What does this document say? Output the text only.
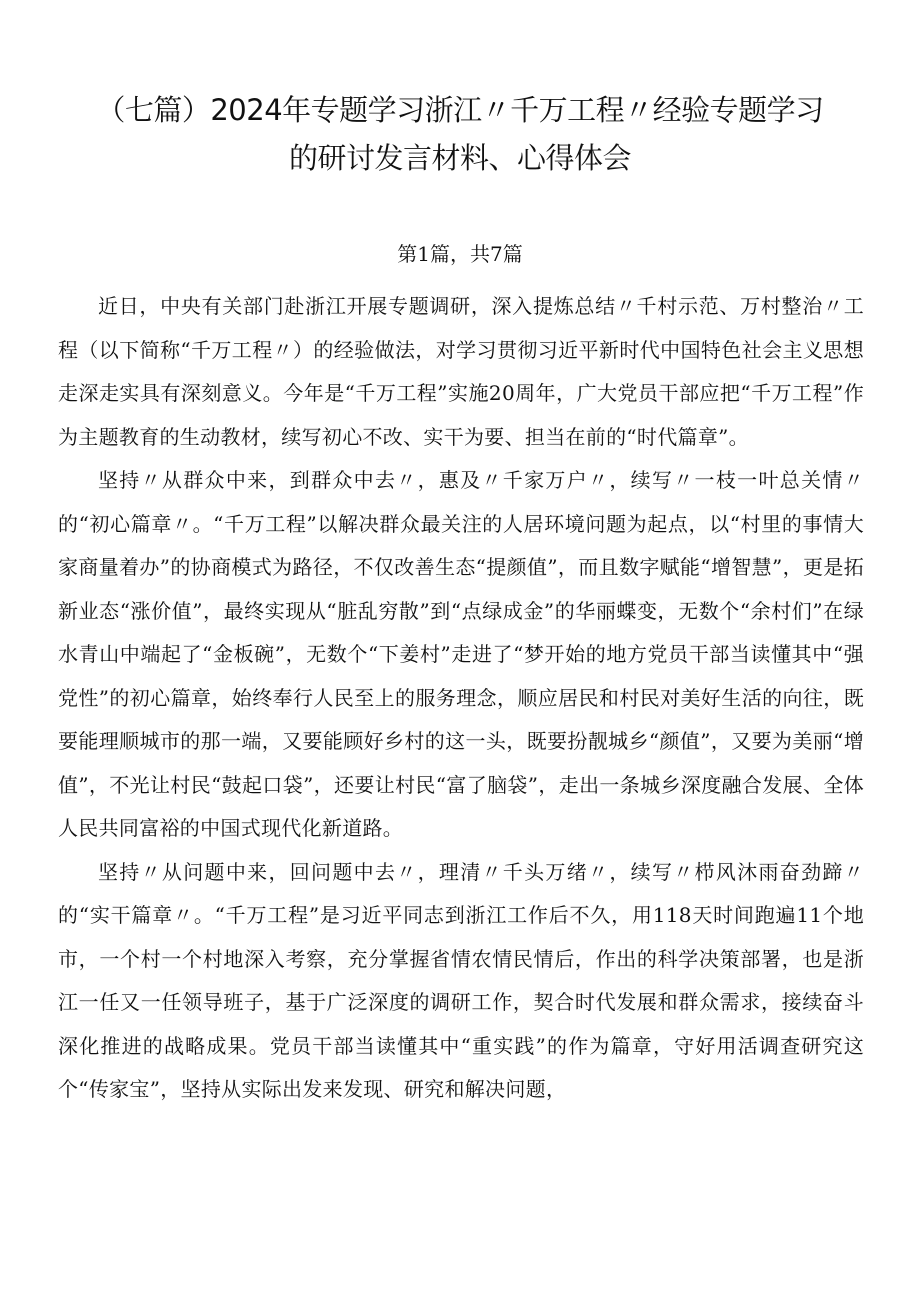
（七篇）2024年专题学习浙江〃千万工程〃经验专题学习
的研讨发言材料、心得体会
第1篇，共7篇

近日，中央有关部门赴浙江开展专题调研，深入提炼总结〃千村示范、万村整治〃工程（以下简称“千万工程〃）的经验做法，对学习贯彻习近平新时代中国特色社会主义思想走深走实具有深刻意义。今年是“千万工程”实施20周年，广大党员干部应把“千万工程”作为主题教育的生动教材，续写初心不改、实干为要、担当在前的“时代篇章”。

坚持〃从群众中来，到群众中去〃，惠及〃千家万户〃，续写〃一枝一叶总关情〃的“初心篇章〃。“千万工程”以解决群众最关注的人居环境问题为起点，以“村里的事情大家商量着办”的协商模式为路径，不仅改善生态“提颜值”，而且数字赋能“增智慧”，更是拓新业态“涨价值”，最终实现从“脏乱穷散”到“点绿成金”的华丽蝶变，无数个“余村们”在绿水青山中端起了“金板碗”，无数个“下姜村”走进了“梦开始的地方党员干部当读懂其中“强党性”的初心篇章，始终奉行人民至上的服务理念，顺应居民和村民对美好生活的向往，既要能理顺城市的那一端，又要能顾好乡村的这一头，既要扮靓城乡“颜值”，又要为美丽“增值”，不光让村民“鼓起口袋”，还要让村民“富了脑袋”，走出一条城乡深度融合发展、全体人民共同富裕的中国式现代化新道路。

坚持〃从问题中来，回问题中去〃，理清〃千头万绪〃，续写〃栉风沐雨奋劲蹄〃的“实干篇章〃。“千万工程”是习近平同志到浙江工作后不久，用118天时间跑遍11个地市，一个村一个村地深入考察，充分掌握省情农情民情后，作出的科学决策部署，也是浙江一任又一任领导班子，基于广泛深度的调研工作，契合时代发展和群众需求，接续奋斗深化推进的战略成果。党员干部当读懂其中“重实践”的作为篇章，守好用活调查研究这个“传家宝”，坚持从实际出发来发现、研究和解决问题，
